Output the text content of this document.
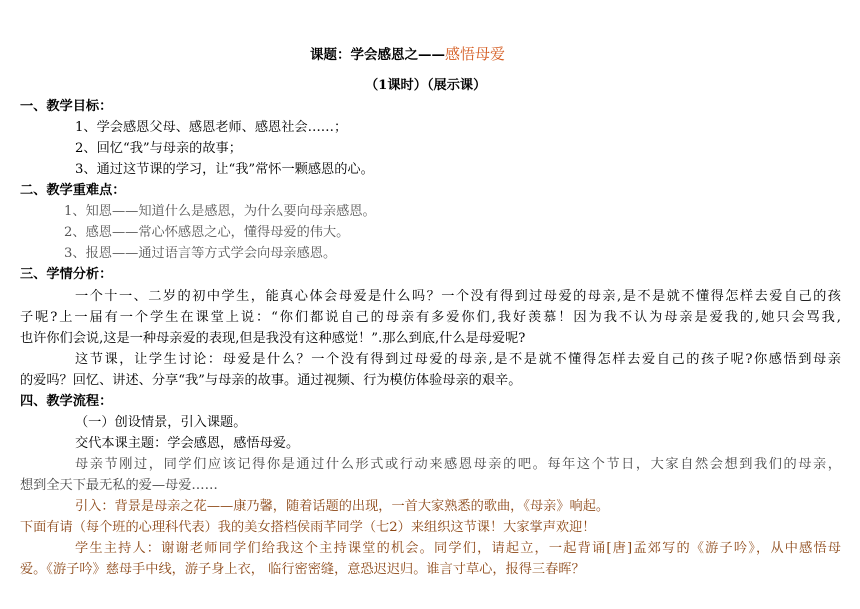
课题：学会感恩之——感悟母爱
（1课时）（展示课）
一、教学目标：
1、学会感恩父母、感恩老师、感恩社会……；
2、回忆“我”与母亲的故事；
3、通过这节课的学习，让“我”常怀一颗感恩的心。
二、教学重难点：
1、知恩——知道什么是感恩，为什么要向母亲感恩。
2、感恩——常心怀感恩之心，懂得母爱的伟大。
3、报恩——通过语言等方式学会向母亲感恩。
三、学情分析：
一个十一、二岁的初中学生，能真心体会母爱是什么吗？一个没有得到过母爱的母亲,是不是就不懂得怎样去爱自己的孩
子呢?上一届有一个学生在课堂上说：“你们都说自己的母亲有多爱你们,我好羡慕！因为我不认为母亲是爱我的,她只会骂我,
也许你们会说,这是一种母亲爱的表现,但是我没有这种感觉！”.那么到底,什么是母爱呢?
这节课，让学生讨论：母爱是什么？一个没有得到过母爱的母亲,是不是就不懂得怎样去爱自己的孩子呢?你感悟到母亲
的爱吗？回忆、讲述、分享“我”与母亲的故事。通过视频、行为模仿体验母亲的艰辛。
四、教学流程：
（一）创设情景，引入课题。
交代本课主题：学会感恩，感悟母爱。
母亲节刚过，同学们应该记得你是通过什么形式或行动来感恩母亲的吧。每年这个节日，大家自然会想到我们的母亲，
想到全天下最无私的爱—母爱……
引入：背景是母亲之花——康乃馨，随着话题的出现，一首大家熟悉的歌曲，《母亲》响起。
下面有请（每个班的心理科代表）我的美女搭档侯雨芊同学（七2）来组织这节课！大家掌声欢迎！
学生主持人：谢谢老师同学们给我这个主持课堂的机会。同学们，请起立，一起背诵[唐]孟郊写的《游子吟》，从中感悟母
爱。《游子吟》慈母手中线，游子身上衣， 临行密密缝，意恐迟迟归。谁言寸草心，报得三春晖？
